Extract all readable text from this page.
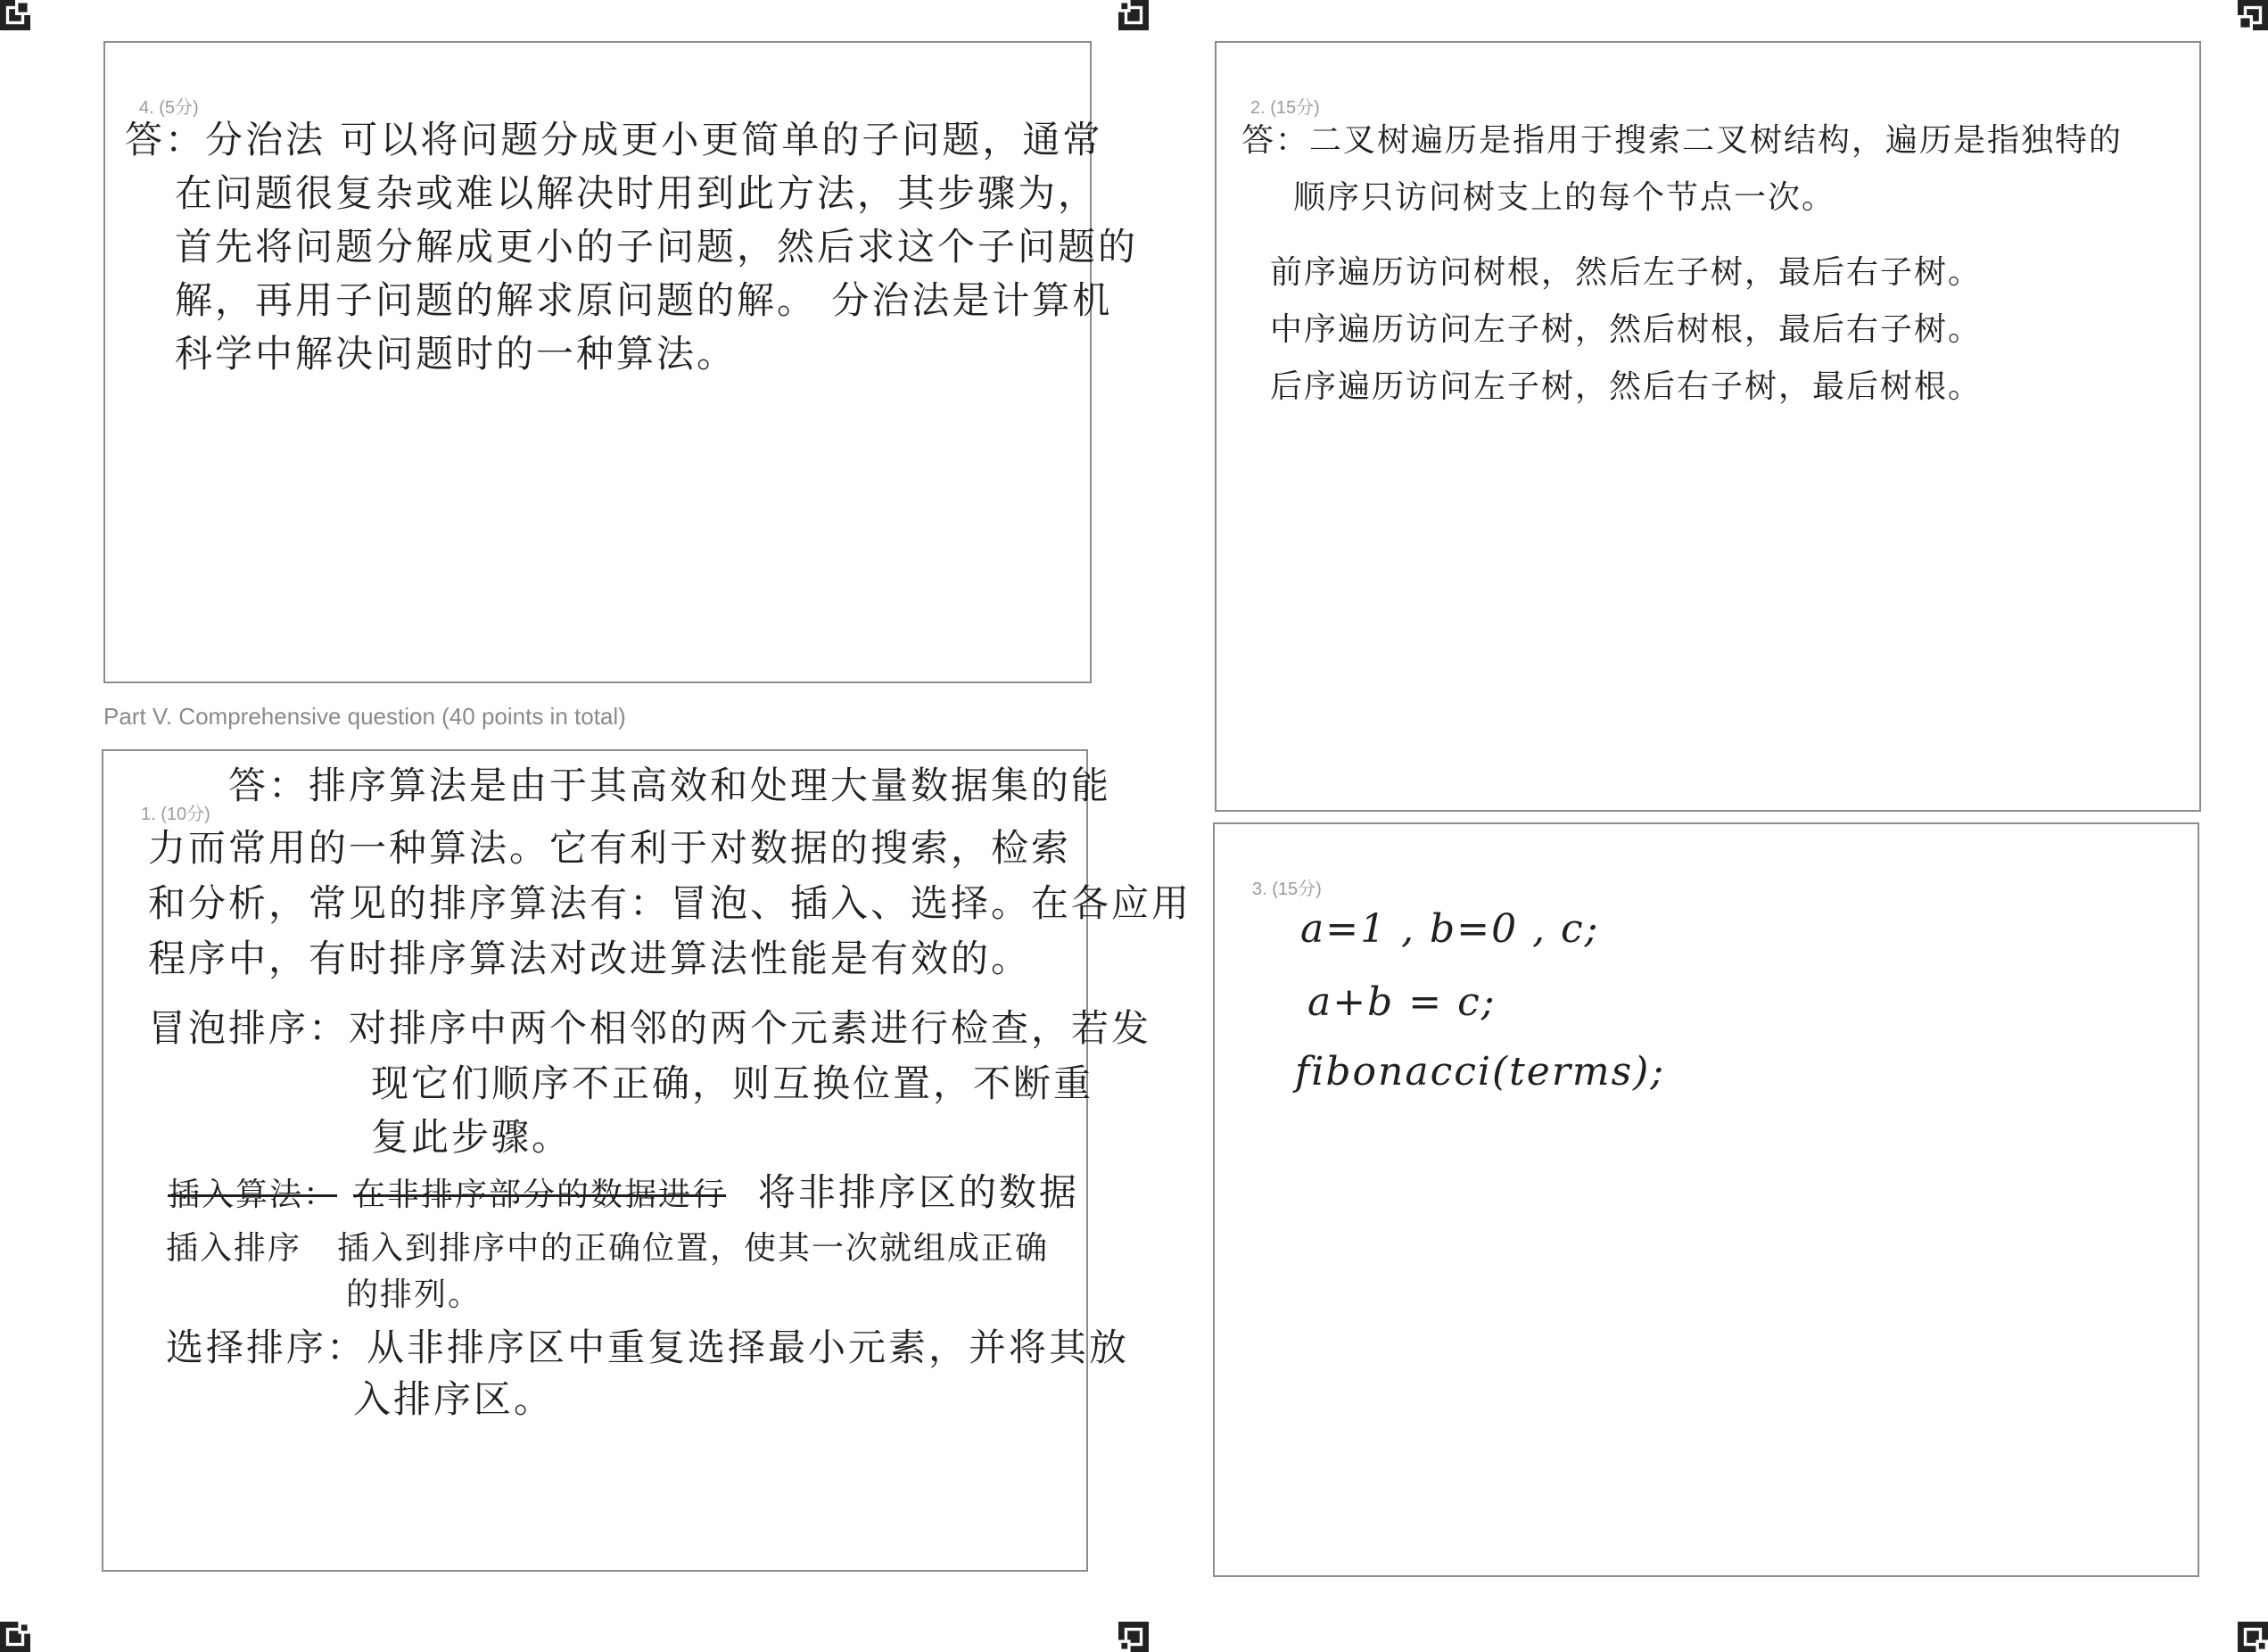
4. (5分)
答：分治法 可以将问题分成更小更简单的子问题，通常
在问题很复杂或难以解决时用到此方法，其步骤为，
首先将问题分解成更小的子问题，然后求这个子问题的
解，再用子问题的解求原问题的解。 分治法是计算机
科学中解决问题时的一种算法。
Part V. Comprehensive question (40 points in total)
1. (10分)
答：排序算法是由于其高效和处理大量数据集的能
力而常用的一种算法。它有利于对数据的搜索，检索
和分析，常见的排序算法有：冒泡、插入、选择。在各应用
程序中，有时排序算法对改进算法性能是有效的。
冒泡排序：对排序中两个相邻的两个元素进行检查，若发
现它们顺序不正确，则互换位置，不断重
复此步骤。
插入算法： 在非排序部分的数据进行 将非排序区的数据
插入排序 插入到排序中的正确位置，使其一次就组成正确
的排列。
选择排序：从非排序区中重复选择最小元素，并将其放
入排序区。
2. (15分)
答：二叉树遍历是指用于搜索二叉树结构，遍历是指独特的
顺序只访问树支上的每个节点一次。
前序遍历访问树根，然后左子树，最后右子树。
中序遍历访问左子树，然后树根，最后右子树。
后序遍历访问左子树，然后右子树，最后树根。
3. (15分)
a=1 , b=0 , c;
a+b = c;
fibonacci(terms);
